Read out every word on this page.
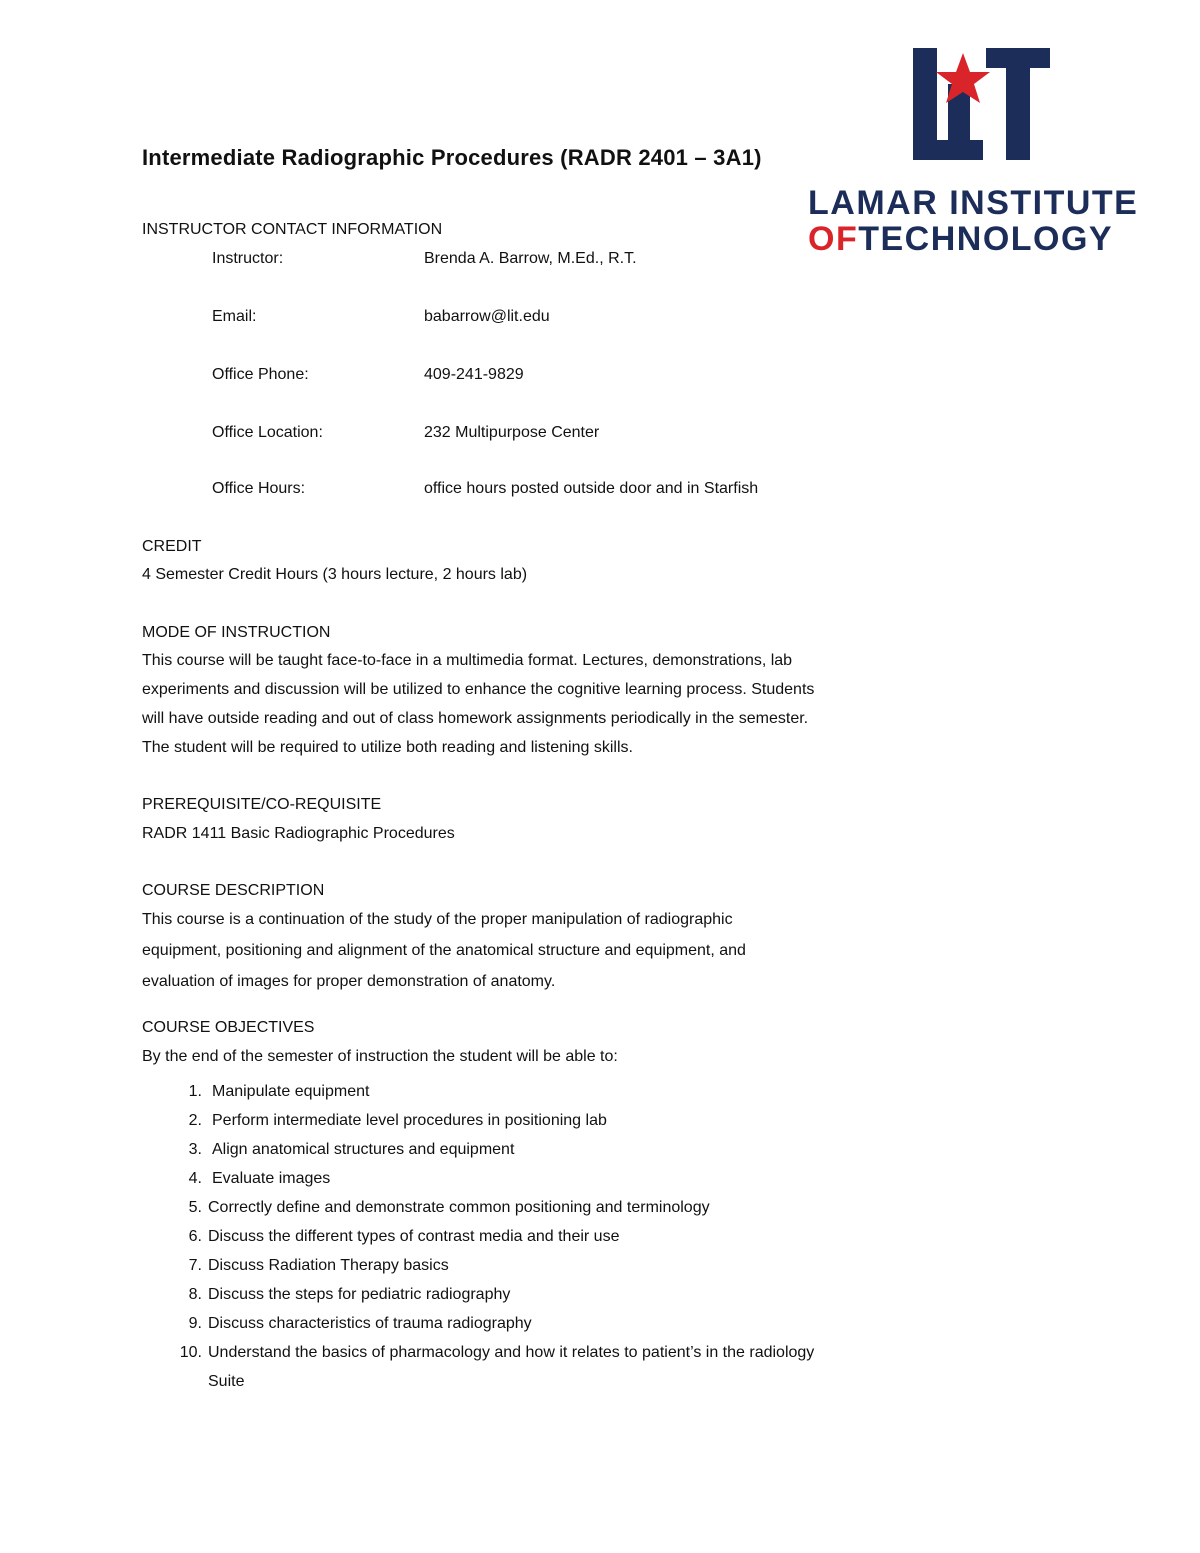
LAMAR INSTITUTE
OF TECHNOLOGY
Intermediate Radiographic Procedures (RADR 2401 – 3A1)
INSTRUCTOR CONTACT INFORMATION
Instructor:	Brenda A. Barrow, M.Ed., R.T.
Email:	babarrow@lit.edu
Office Phone:	409-241-9829
Office Location:	232 Multipurpose Center
Office Hours:	office hours posted outside door and in Starfish
CREDIT
4 Semester Credit Hours (3 hours lecture, 2 hours lab)
MODE OF INSTRUCTION
This course will be taught face-to-face in a multimedia format. Lectures, demonstrations, lab
experiments and discussion will be utilized to enhance the cognitive learning process. Students
will have outside reading and out of class homework assignments periodically in the semester.
The student will be required to utilize both reading and listening skills.
PREREQUISITE/CO-REQUISITE
RADR 1411 Basic Radiographic Procedures
COURSE DESCRIPTION
This course is a continuation of the study of the proper manipulation of radiographic
equipment, positioning and alignment of the anatomical structure and equipment, and
evaluation of images for proper demonstration of anatomy.
COURSE OBJECTIVES
By the end of the semester of instruction the student will be able to:
1. Manipulate equipment
2. Perform intermediate level procedures in positioning lab
3. Align anatomical structures and equipment
4. Evaluate images
5. Correctly define and demonstrate common positioning and terminology
6. Discuss the different types of contrast media and their use
7. Discuss Radiation Therapy basics
8. Discuss the steps for pediatric radiography
9. Discuss characteristics of trauma radiography
10. Understand the basics of pharmacology and how it relates to patient’s in the radiology
Suite
